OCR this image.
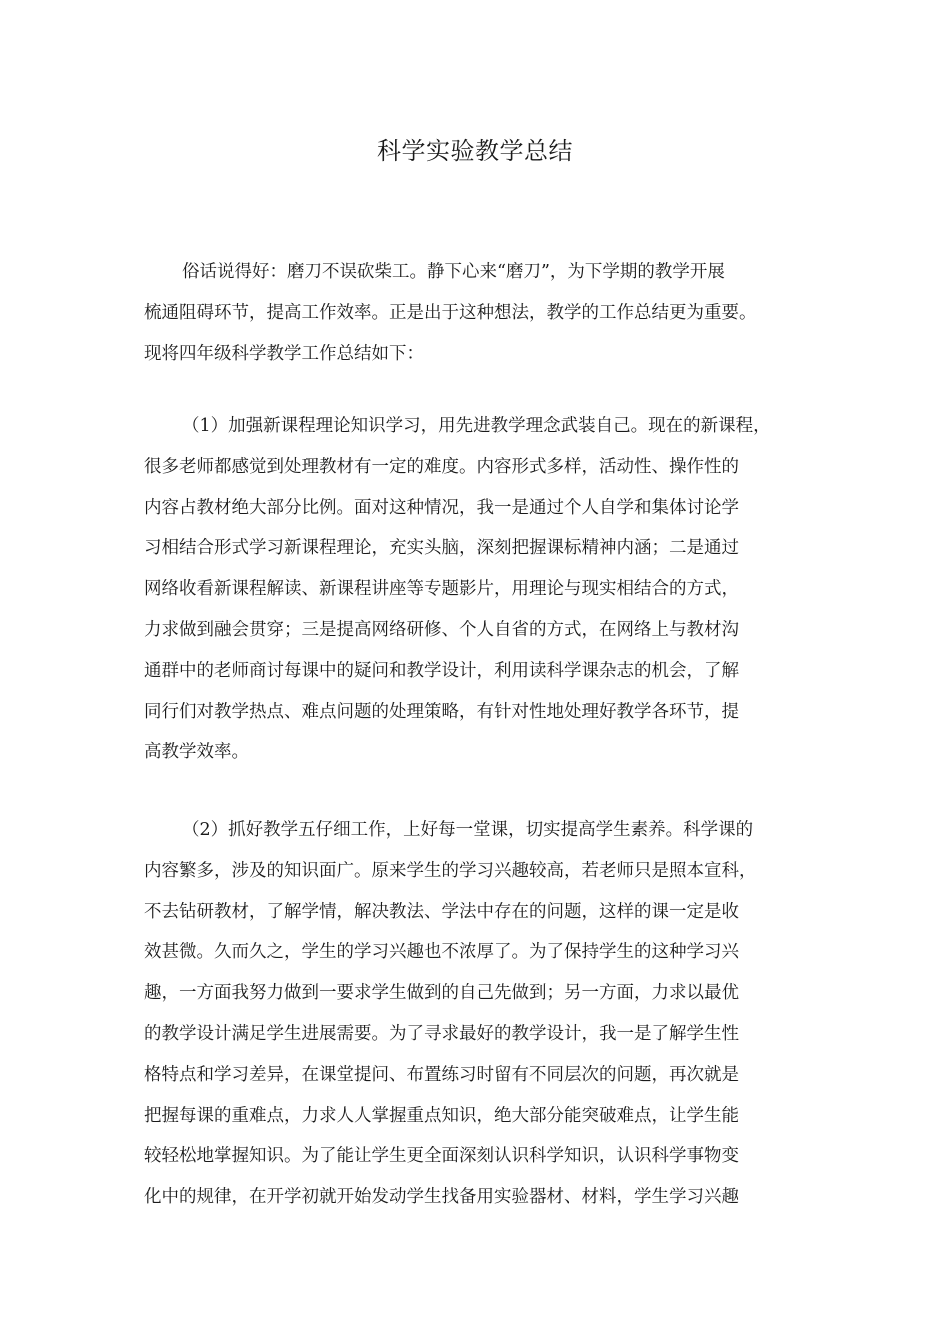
科学实验教学总结
俗话说得好：磨刀不误砍柴工。静下心来“磨刀”，为下学期的教学开展
梳通阻碍环节，提高工作效率。正是出于这种想法，教学的工作总结更为重要。
现将四年级科学教学工作总结如下：
（1）加强新课程理论知识学习，用先进教学理念武装自己。现在的新课程，
很多老师都感觉到处理教材有一定的难度。内容形式多样，活动性、操作性的
内容占教材绝大部分比例。面对这种情况，我一是通过个人自学和集体讨论学
习相结合形式学习新课程理论，充实头脑，深刻把握课标精神内涵；二是通过
网络收看新课程解读、新课程讲座等专题影片，用理论与现实相结合的方式，
力求做到融会贯穿；三是提高网络研修、个人自省的方式，在网络上与教材沟
通群中的老师商讨每课中的疑问和教学设计，利用读科学课杂志的机会，了解
同行们对教学热点、难点问题的处理策略，有针对性地处理好教学各环节，提
高教学效率。
（2）抓好教学五仔细工作，上好每一堂课，切实提高学生素养。科学课的
内容繁多，涉及的知识面广。原来学生的学习兴趣较高，若老师只是照本宣科，
不去钻研教材，了解学情，解决教法、学法中存在的问题，这样的课一定是收
效甚微。久而久之，学生的学习兴趣也不浓厚了。为了保持学生的这种学习兴
趣，一方面我努力做到一要求学生做到的自己先做到；另一方面，力求以最优
的教学设计满足学生进展需要。为了寻求最好的教学设计，我一是了解学生性
格特点和学习差异，在课堂提问、布置练习时留有不同层次的问题，再次就是
把握每课的重难点，力求人人掌握重点知识，绝大部分能突破难点，让学生能
较轻松地掌握知识。为了能让学生更全面深刻认识科学知识，认识科学事物变
化中的规律，在开学初就开始发动学生找备用实验器材、材料，学生学习兴趣
